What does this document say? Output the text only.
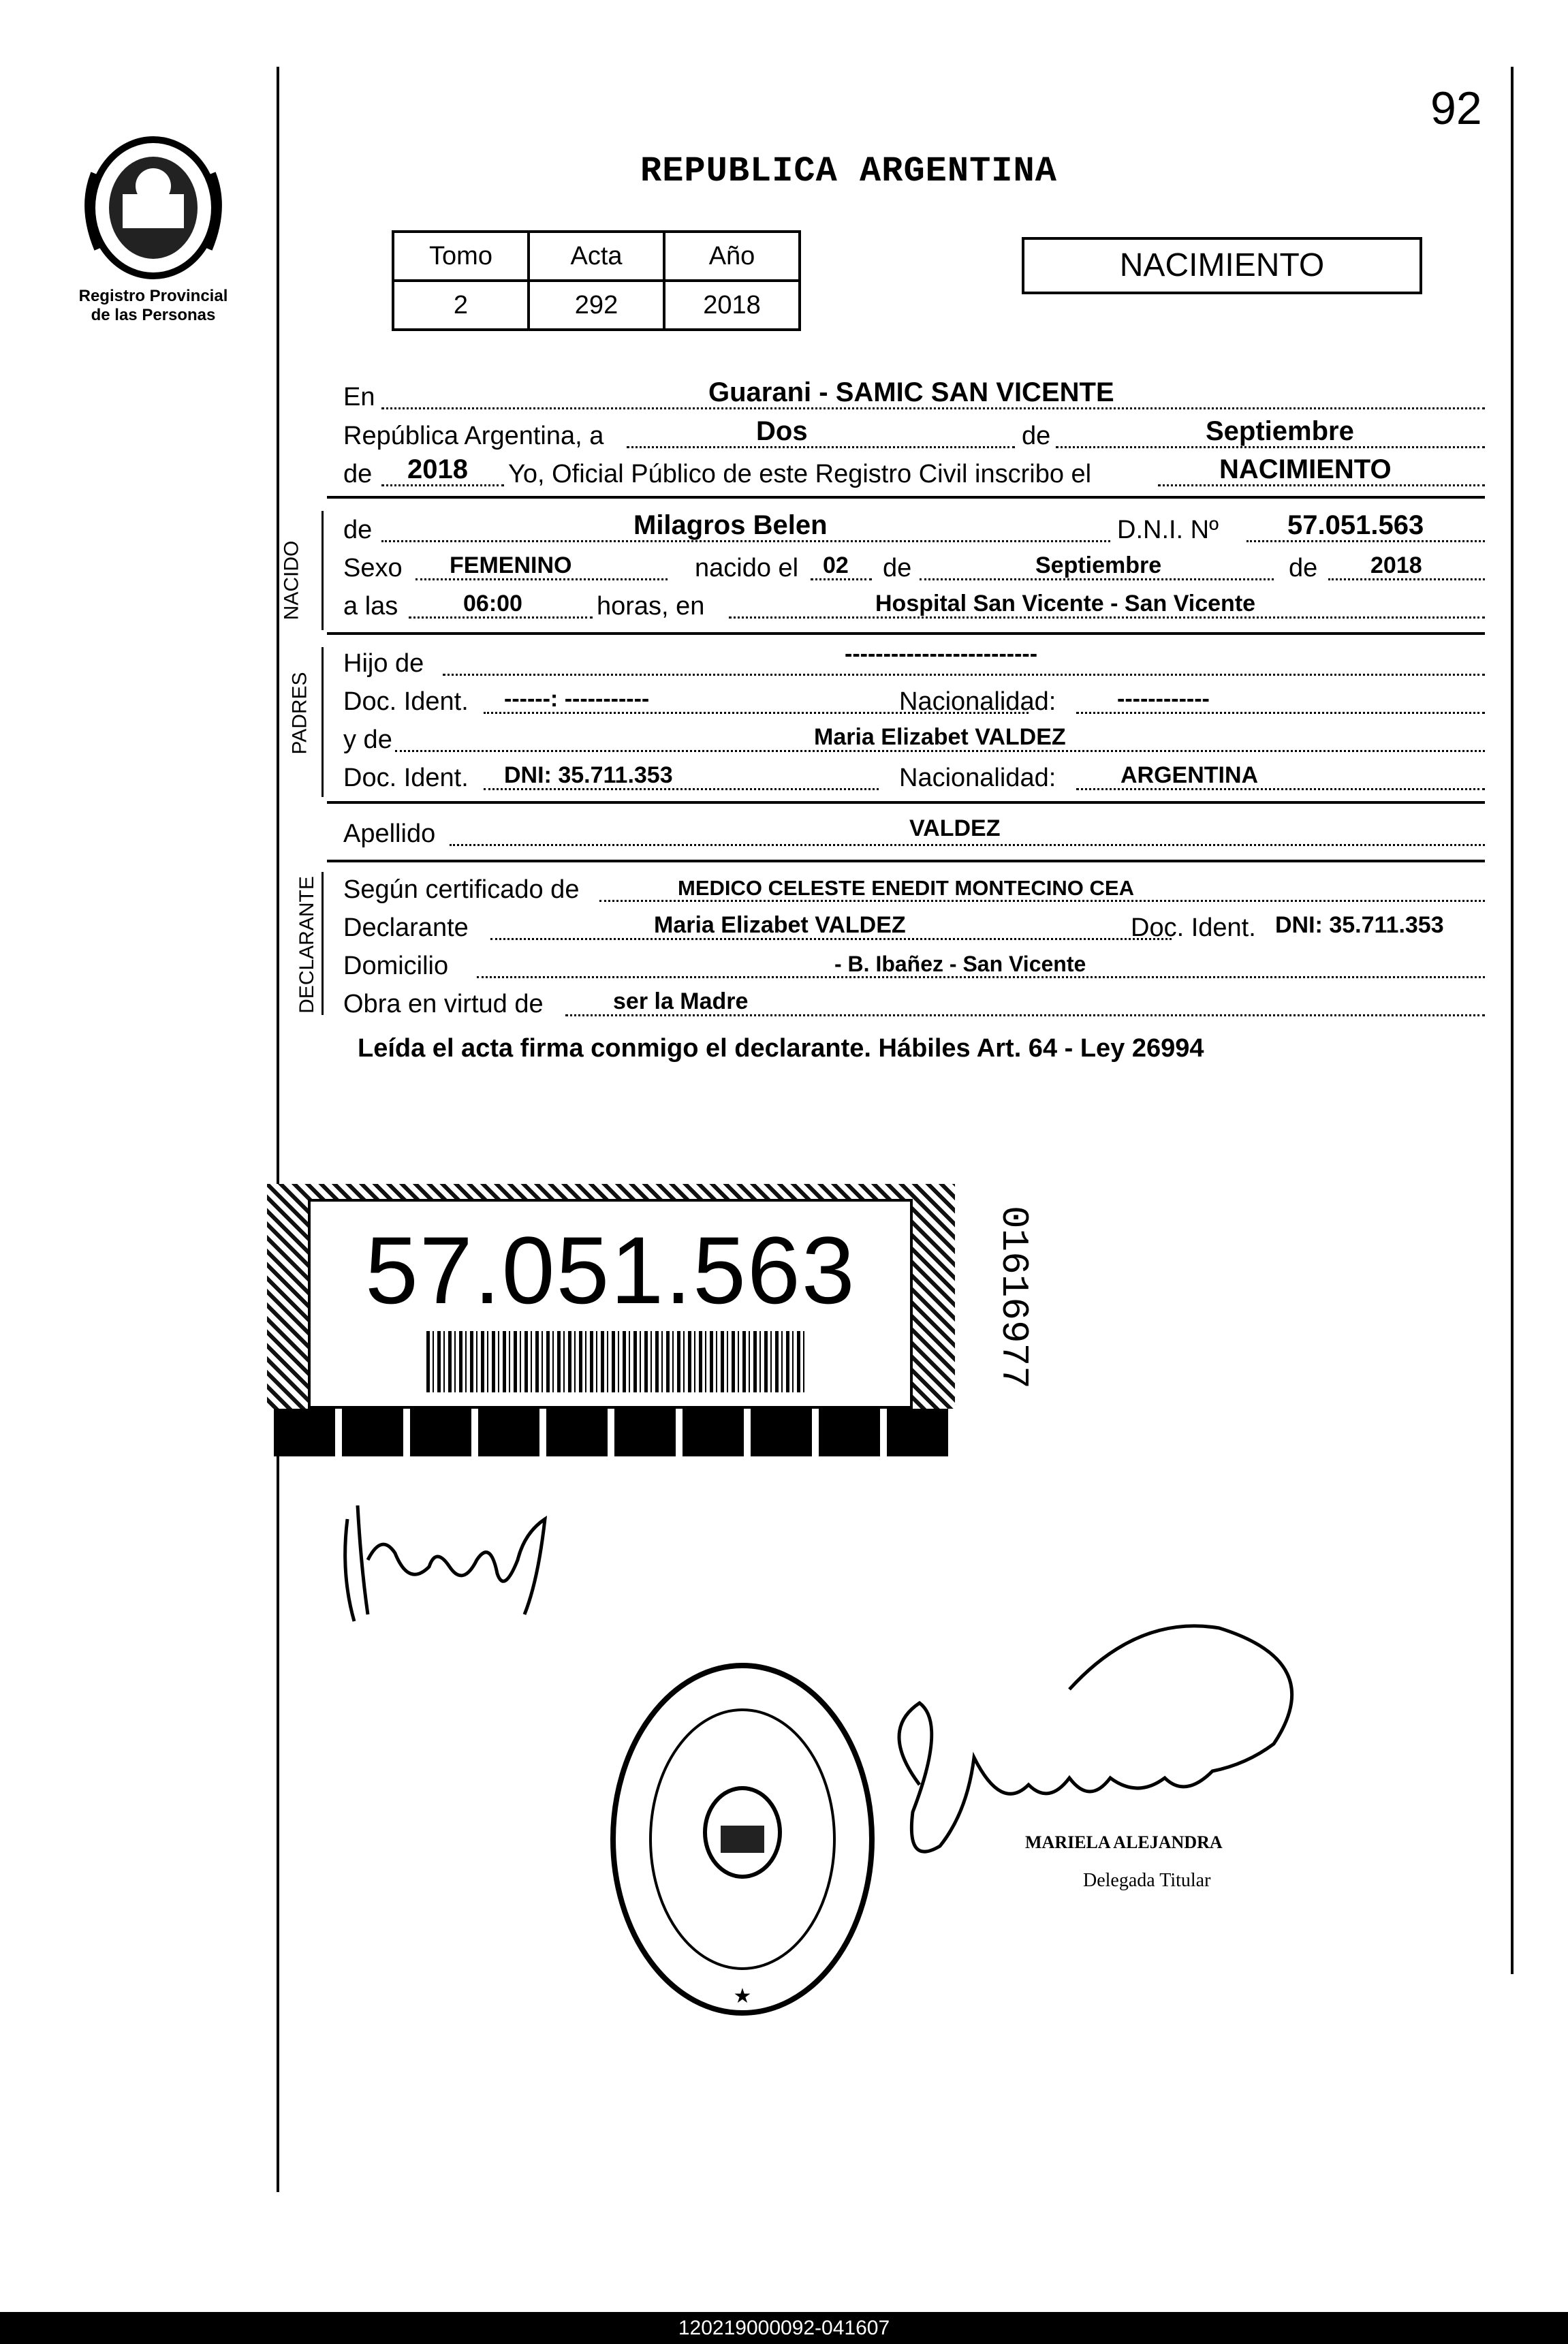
92
Registro Provincial
de las Personas
REPUBLICA ARGENTINA
Tomo	Acta	Año
2	292	2018
NACIMIENTO
En	Guarani - SAMIC SAN VICENTE
República Argentina, a	Dos	de	Septiembre
de 2018 Yo, Oficial Público de este Registro Civil inscribo el	NACIMIENTO
NACIDO
de	Milagros Belen	D.N.I. Nº	57.051.563
Sexo FEMENINO	nacido el 02 de	Septiembre	de 2018
a las	06:00	horas, en	Hospital San Vicente - San Vicente
PADRES
Hijo de	-------------------------
Doc. Ident. ------: -----------	Nacionalidad:	------------
y de	Maria Elizabet VALDEZ
Doc. Ident. DNI: 35.711.353	Nacionalidad:	ARGENTINA
Apellido	VALDEZ
DECLARANTE Según certificado de	MEDICO CELESTE ENEDIT MONTECINO CEA
Declarante	Maria Elizabet VALDEZ	Doc. Ident. DNI: 35.711.353
Domicilio	- B. Ibañez - San Vicente
Obra en virtud de	ser la Madre
Leída el acta firma conmigo el declarante. Hábiles Art. 64 - Ley 26994
57.051.563	01616977
★
MARIELA ALEJANDRA
Delegada Titular
120219000092-041607
